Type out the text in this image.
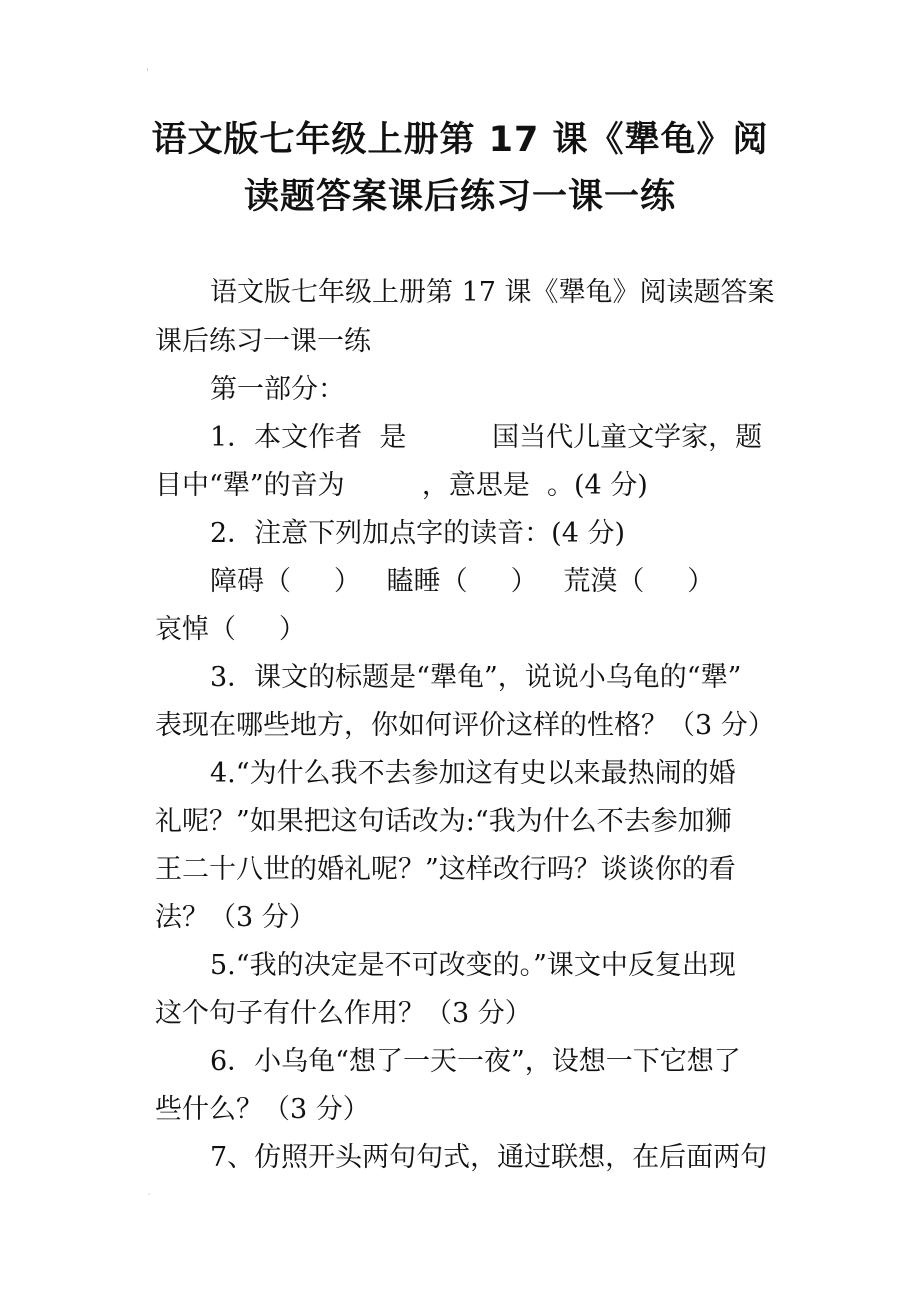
'
语文版七年级上册第 17 课《犟龟》阅
读题答案课后练习一课一练
语文版七年级上册第 17 课《犟龟》阅读题答案
课后练习一课一练
第一部分：
1．本文作者  是          国当代儿童文学家，题
目中“犟”的音为         ，意思是  。(4 分)
2．注意下列加点字的读音：(4 分)
障碍（     ）   瞌睡（     ）   荒漠（     ）
哀悼（     ）
3．课文的标题是“犟龟”，说说小乌龟的“犟”
表现在哪些地方，你如何评价这样的性格？（3 分）
4.“为什么我不去参加这有史以来最热闹的婚
礼呢？”如果把这句话改为:“我为什么不去参加狮
王二十八世的婚礼呢？”这样改行吗？谈谈你的看
法？（3 分）
5.“我的决定是不可改变的。”课文中反复出现
这个句子有什么作用？（3 分）
6．小乌龟“想了一天一夜”，设想一下它想了
些什么？（3 分）
7、仿照开头两句句式，通过联想，在后面两句
´
